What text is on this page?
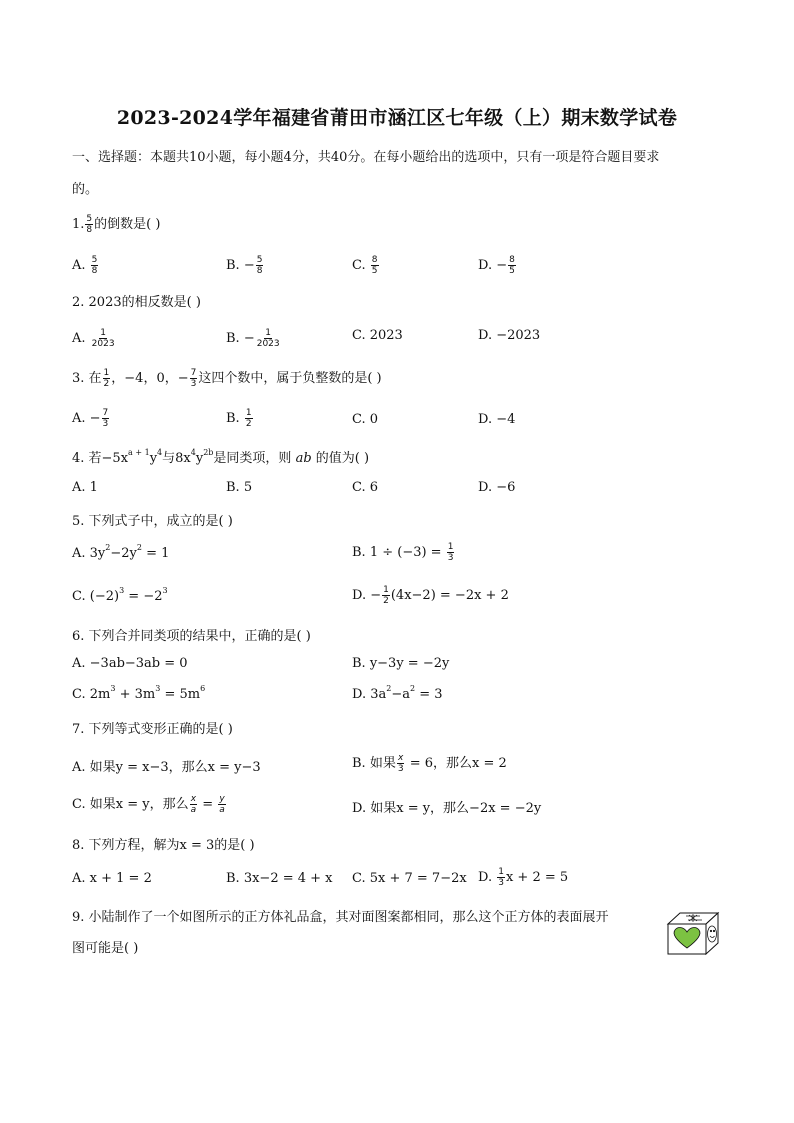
2023-2024学年福建省莆田市涵江区七年级（上）期末数学试卷
一、选择题：本题共10小题，每小题4分，共40分。在每小题给出的选项中，只有一项是符合题目要求
的。
1. $\frac{5}{8}$ 的倒数是( )
A. $\frac{5}{8}$	B. − $\frac{5}{8}$	C. $\frac{8}{5}$	D. − $\frac{8}{5}$
2. 2023的相反数是( )
A. $\frac{1}{2023}$	B. − $\frac{1}{2023}$	C. 2023	D. −2023
3. 在 $\frac{1}{2}$ ，−4，0，− $\frac{7}{3}$ 这四个数中，属于负整数的是( )
A. − $\frac{7}{3}$	B. $\frac{1}{2}$	C. 0	D. −4
4. 若$-5x^{a + 1}y^4$与$8x^4y^{2b}$是同类项，则 ab 的值为( )
A. 1	B. 5	C. 6	D. −6
5. 下列式子中，成立的是( )
A. $3y^2-2y^2 = 1$	B. $1 \div (-3) = \frac{1}{3}$
C. $(-2)^3 = -2^3$	D. − $\frac{1}{2} (4x-2) = -2x + 2$
6. 下列合并同类项的结果中，正确的是( )
A. −3ab−3ab = 0	B. y−3y = −2y
C. $2m^3 + 3m^3 = 5m^6$	D. $3a^2-a^2 = 3$
7. 下列等式变形正确的是( )
A. 如果y = x−3，那么x = y−3	B. 如果 $\frac{x}{3} = 6$，那么x = 2
C. 如果x = y，那么 $\frac{x}{a} = \frac{y}{a}$	D. 如果x = y，那么−2x = −2y
8. 下列方程，解为x = 3的是( )
A. x + 1 = 2	B. 3x−2 = 4 + x C. 5x + 7 = 7−2x D. $\frac{1}{3}$ x + 2 = 5
9. 小陆制作了一个如图所示的正方体礼品盒，其对面图案都相同，那么这个正方体的表面展开
图可能是( )
